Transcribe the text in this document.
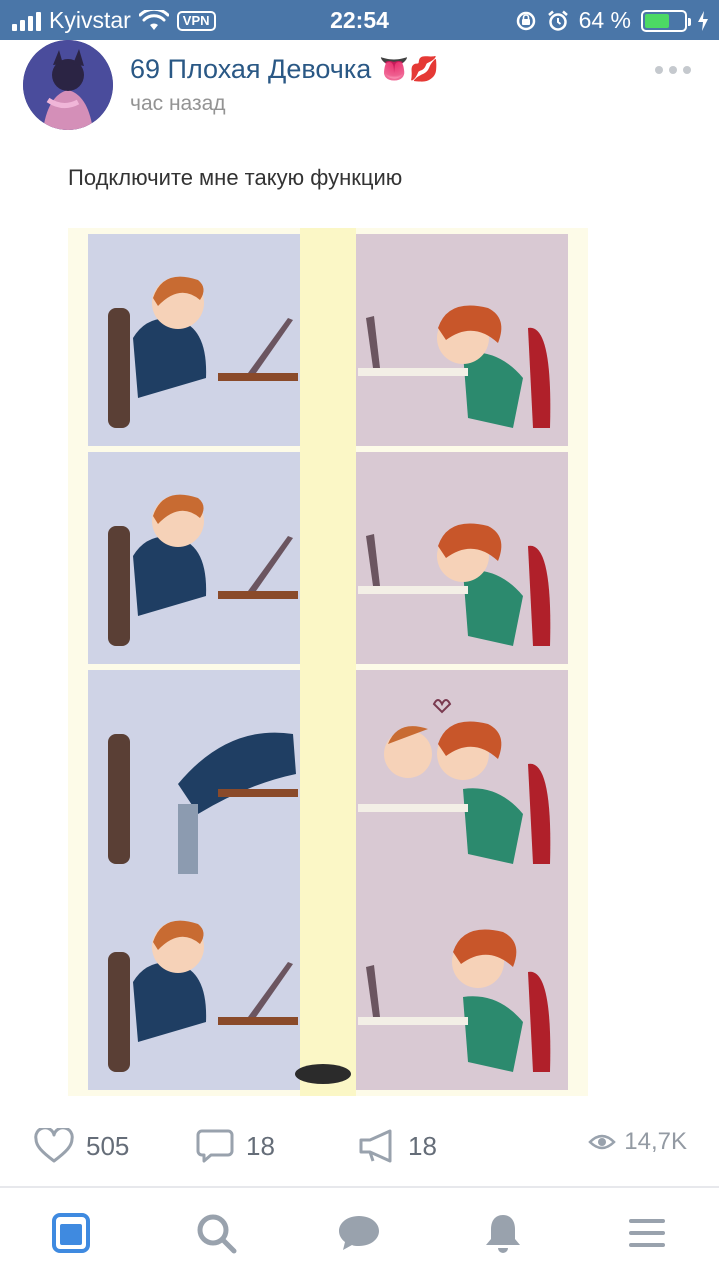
Kyivstar	VPN	22:54	64 %
69 Плохая Девочка 👅💋
час назад
Подключите мне такую функцию
505	18	18	14,7K
